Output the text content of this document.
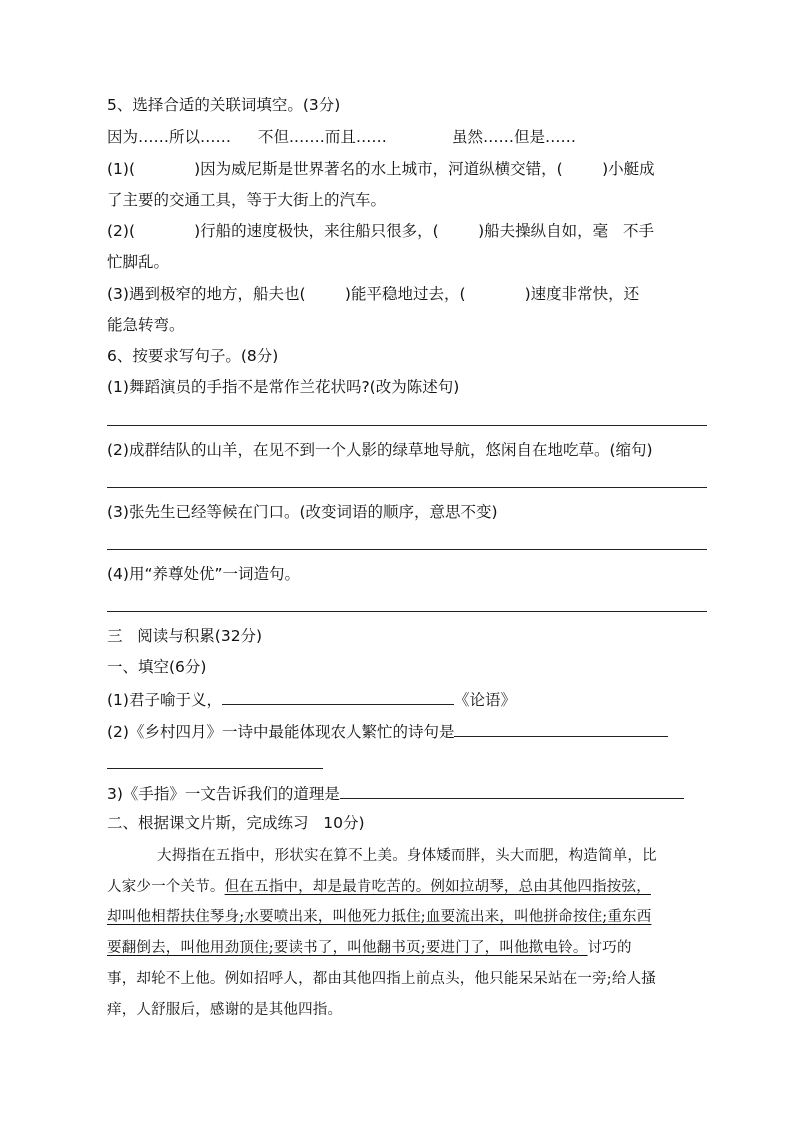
5、选择合适的关联词填空。(3分)
因为……所以…… 不但.……而且……	虽然……但是……
(1)(            )因为威尼斯是世界著名的水上城市，河道纵横交错，(        )小艇成
了主要的交通工具，等于大街上的汽车。
(2)(            )行船的速度极快，来往船只很多，(        )船夫操纵自如，毫   不手
忙脚乱。
(3)遇到极窄的地方，船夫也(        )能平稳地过去，(            )速度非常快，还
能急转弯。
6、按要求写句子。(8分)
(1)舞蹈演员的手指不是常作兰花状吗?(改为陈述句)
(2)成群结队的山羊，在见不到一个人影的绿草地导航，悠闲自在地吃草。(缩句)
(3)张先生已经等候在门口。(改变词语的顺序，意思不变)
(4)用“养尊处优”一词造句。
三   阅读与积累(32分)
一、填空(6分)
(1)君子喻于义，	《论语》
(2)《乡村四月》一诗中最能体现农人繁忙的诗句是
3)《手指》一文告诉我们的道理是
二、根据课文片斯，完成练习   10分)
大拇指在五指中，形状实在算不上美。身体矮而胖，头大而肥，构造简单，比
人家少一个关节。但在五指中，却是最肯吃苦的。例如拉胡琴，总由其他四指按弦，
却叫他相帮扶住琴身;水要喷出来，叫他死力抵住;血要流出来，叫他拼命按住;重东西
要翻倒去，叫他用劲顶住;要读书了，叫他翻书页;要进门了，叫他揿电铃。讨巧的
事，却轮不上他。例如招呼人，都由其他四指上前点头，他只能呆呆站在一旁;给人搔
痒，人舒服后，感谢的是其他四指。
